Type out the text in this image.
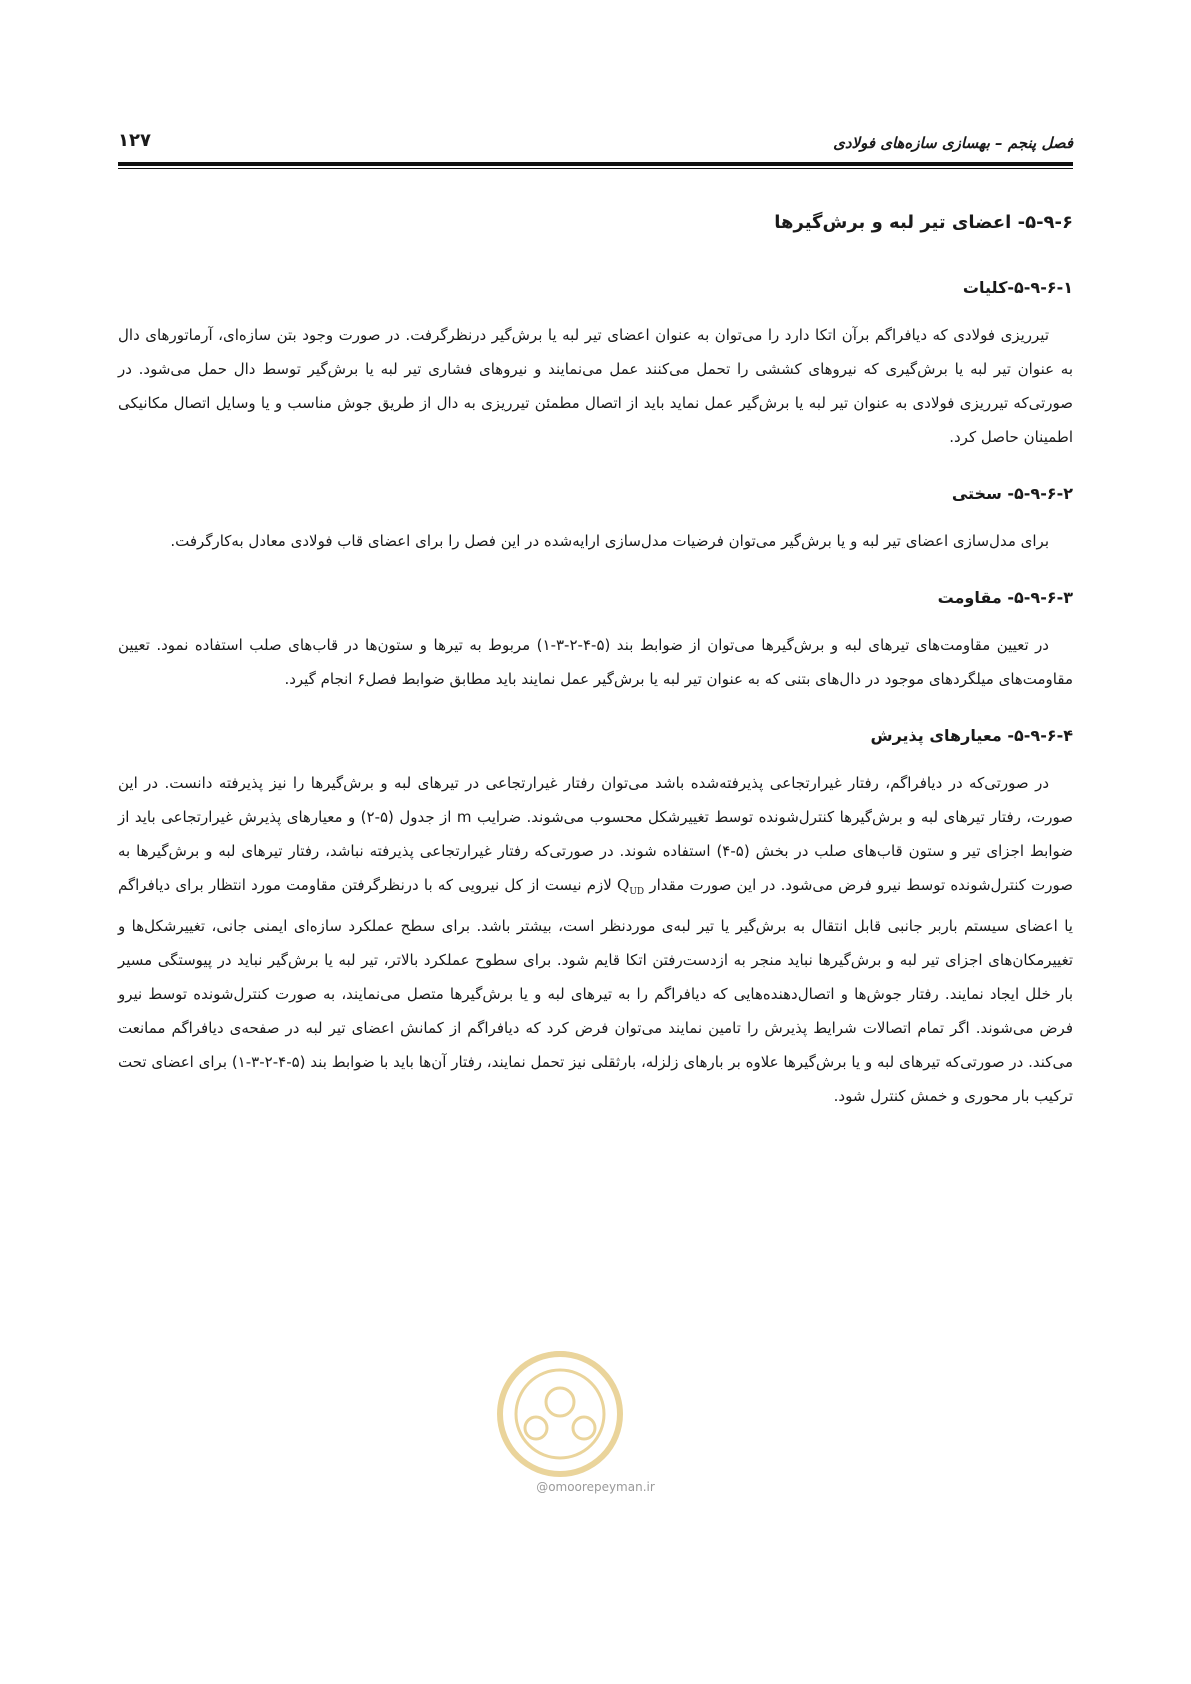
فصل پنجم – بهسازی سازه‌های فولادی
۱۲۷
۵-۹-۶- اعضای تیر لبه و برش‌گیرها
۵-۹-۶-۱-کلیات

تیرریزی فولادی که دیافراگم برآن اتکا دارد را می‌توان به عنوان اعضای تیر لبه یا برش‌گیر درنظرگرفت. در صورت وجود بتن سازه‌ای، آرماتورهای دال به عنوان تیر لبه یا برش‌گیری که نیروهای کششی را تحمل می‌کنند عمل می‌نمایند و نیروهای فشاری تیر لبه یا برش‌گیر توسط دال حمل می‌شود. در صورتی‌که تیرریزی فولادی به عنوان تیر لبه یا برش‌گیر عمل نماید باید از اتصال مطمئن تیرریزی به دال از طریق جوش مناسب و یا وسایل اتصال مکانیکی اطمینان حاصل کرد.

۵-۹-۶-۲- سختی

برای مدل‌سازی اعضای تیر لبه و یا برش‌گیر می‌توان فرضیات مدل‌سازی ارایه‌شده در این فصل را برای اعضای قاب فولادی معادل به‌کارگرفت.

۵-۹-۶-۳- مقاومت

در تعیین مقاومت‌های تیرهای لبه و برش‌گیرها می‌توان از ضوابط بند (۵-۴-۲-۳-۱) مربوط به تیرها و ستون‌ها در قاب‌های صلب استفاده نمود. تعیین مقاومت‌های میلگردهای موجود در دال‌های بتنی که به عنوان تیر لبه یا برش‌گیر عمل نمایند باید مطابق ضوابط فصل۶ انجام گیرد.

۵-۹-۶-۴- معیارهای پذیرش

در صورتی‌که در دیافراگم، رفتار غیرارتجاعی پذیرفته‌شده باشد می‌توان رفتار غیرارتجاعی در تیرهای لبه و برش‌گیرها را نیز پذیرفته دانست. در این صورت، رفتار تیرهای لبه و برش‌گیرها کنترل‌شونده توسط تغییرشکل محسوب می‌شوند. ضرایب m از جدول (۵-۲) و معیارهای پذیرش غیرارتجاعی باید از ضوابط اجزای تیر و ستون قاب‌های صلب در بخش (۵-۴) استفاده شوند. در صورتی‌که رفتار غیرارتجاعی پذیرفته نباشد، رفتار تیرهای لبه و برش‌گیرها به صورت کنترل‌شونده توسط نیرو فرض می‌شود. در این صورت مقدار $Q_{UD}$ لازم نیست از کل نیرویی که با درنظرگرفتن مقاومت مورد انتظار برای دیافراگم یا اعضای سیستم باربر جانبی قابل انتقال به برش‌گیر یا تیر لبه‌ی موردنظر است، بیشتر باشد. برای سطح عملکرد سازه‌ای ایمنی جانی، تغییرشکل‌ها و تغییرمکان‌های اجزای تیر لبه و برش‌گیرها نباید منجر به ازدست‌رفتن اتکا قایم شود. برای سطوح عملکرد بالاتر، تیر لبه یا برش‌گیر نباید در پیوستگی مسیر بار خلل ایجاد نمایند. رفتار جوش‌ها و اتصال‌دهنده‌هایی که دیافراگم را به تیرهای لبه و یا برش‌گیرها متصل می‌نمایند، به صورت کنترل‌شونده توسط نیرو فرض می‌شوند. اگر تمام اتصالات شرایط پذیرش را تامین نمایند می‌توان فرض کرد که دیافراگم از کمانش اعضای تیر لبه در صفحه‌ی دیافراگم ممانعت می‌کند. در صورتی‌که تیرهای لبه و یا برش‌گیرها علاوه بر بارهای زلزله، بارثقلی نیز تحمل نمایند، رفتار آن‌ها باید با ضوابط بند (۵-۴-۲-۳-۱) برای اعضای تحت ترکیب بار محوری و خمش کنترل شود.

@omoorepeyman.ir
